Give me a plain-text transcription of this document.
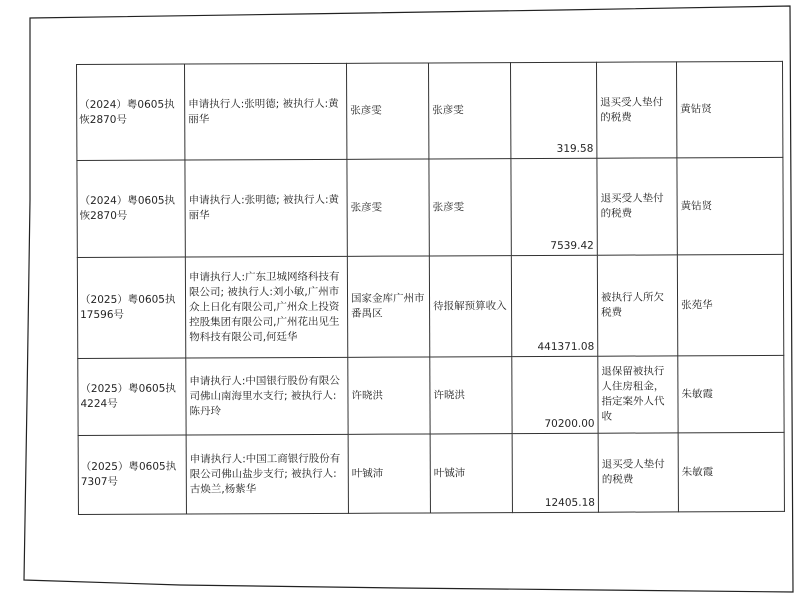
（2024）粤0605执恢2870号	申请执行人:张明德; 被执行人:黄丽华	张彦雯	张彦雯	319.58	退买受人垫付的税费	黄钻贤
（2024）粤0605执恢2870号	申请执行人:张明德; 被执行人:黄丽华	张彦雯	张彦雯	7539.42	退买受人垫付的税费	黄钻贤
（2025）粤0605执17596号	申请执行人:广东卫城网络科技有限公司; 被执行人:刘小敏,广州市众上日化有限公司,广州众上投资控股集团有限公司,广州花出见生物科技有限公司,何廷华	国家金库广州市番禺区	待报解预算收入	441371.08	被执行人所欠税费	张苑华
（2025）粤0605执4224号	申请执行人:中国银行股份有限公司佛山南海里水支行; 被执行人:陈丹玲	许晓洪	许晓洪	70200.00	退保留被执行人住房租金，指定案外人代收	朱敏霞
（2025）粤0605执7307号	申请执行人:中国工商银行股份有限公司佛山盐步支行; 被执行人:古焕兰,杨紫华	叶铖沛	叶铖沛	12405.18	退买受人垫付的税费	朱敏霞
